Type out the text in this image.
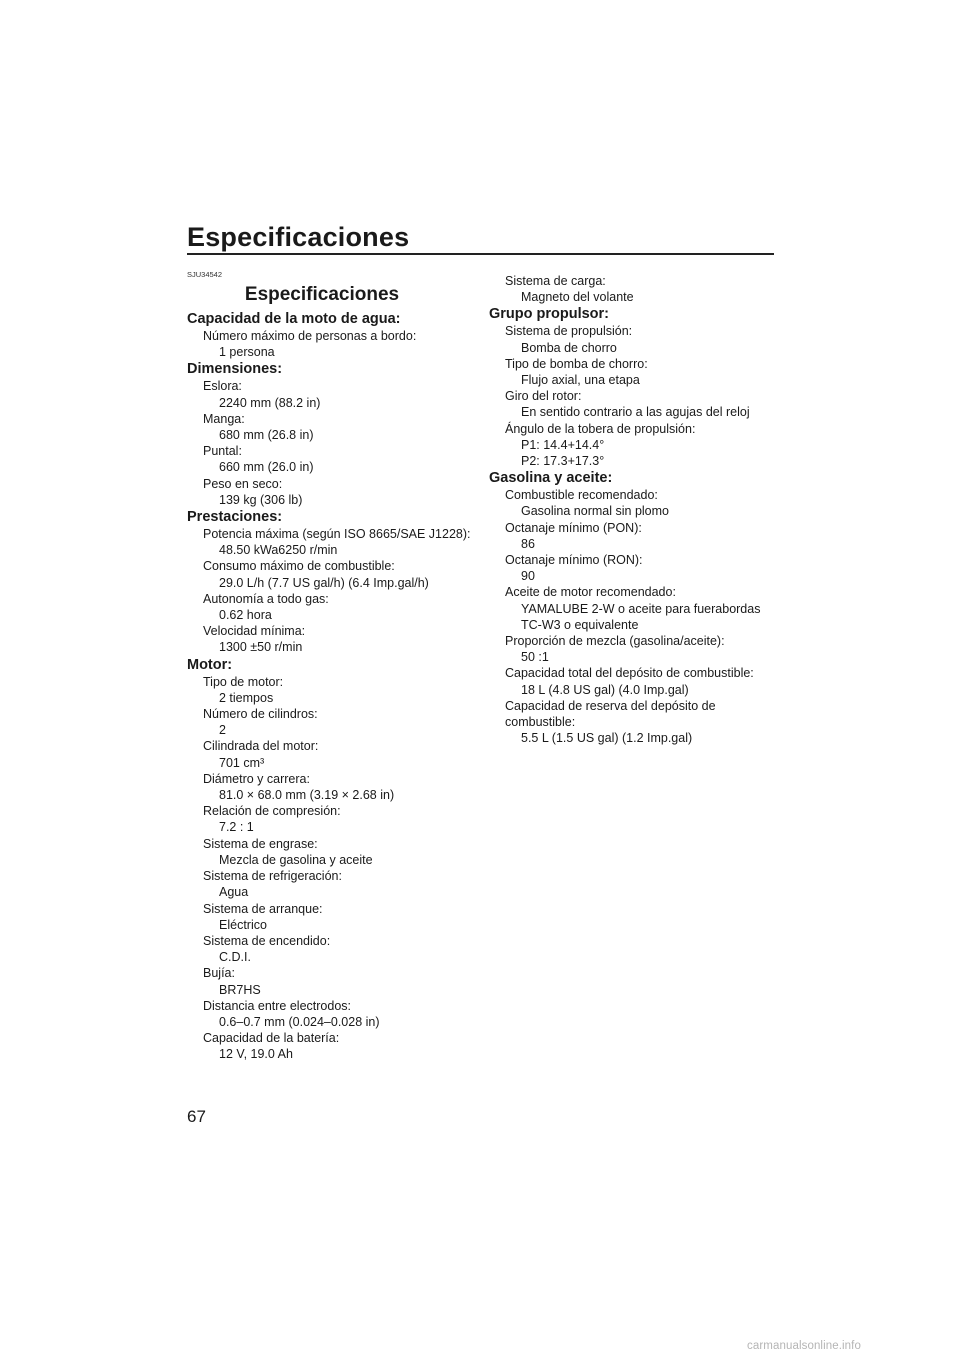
Especificaciones
SJU34542
Especificaciones
Capacidad de la moto de agua:
Número máximo de personas a bordo:
1 persona
Dimensiones:
Eslora:
2240 mm (88.2 in)
Manga:
680 mm (26.8 in)
Puntal:
660 mm (26.0 in)
Peso en seco:
139 kg (306 lb)
Prestaciones:
Potencia máxima (según ISO 8665/SAE J1228):
48.50 kWa6250 r/min
Consumo máximo de combustible:
29.0 L/h (7.7 US gal/h) (6.4 Imp.gal/h)
Autonomía a todo gas:
0.62 hora
Velocidad mínima:
1300 ±50 r/min
Motor:
Tipo de motor:
2 tiempos
Número de cilindros:
2
Cilindrada del motor:
701 cm³
Diámetro y carrera:
81.0 × 68.0 mm (3.19 × 2.68 in)
Relación de compresión:
7.2 : 1
Sistema de engrase:
Mezcla de gasolina y aceite
Sistema de refrigeración:
Agua
Sistema de arranque:
Eléctrico
Sistema de encendido:
C.D.I.
Bujía:
BR7HS
Distancia entre electrodos:
0.6–0.7 mm (0.024–0.028 in)
Capacidad de la batería:
12 V, 19.0 Ah
Sistema de carga:
Magneto del volante
Grupo propulsor:
Sistema de propulsión:
Bomba de chorro
Tipo de bomba de chorro:
Flujo axial, una etapa
Giro del rotor:
En sentido contrario a las agujas del reloj
Ángulo de la tobera de propulsión:
P1: 14.4+14.4°
P2: 17.3+17.3°
Gasolina y aceite:
Combustible recomendado:
Gasolina normal sin plomo
Octanaje mínimo (PON):
86
Octanaje mínimo (RON):
90
Aceite de motor recomendado:
YAMALUBE 2-W o aceite para fuerabordas
TC-W3 o equivalente
Proporción de mezcla (gasolina/aceite):
50 :1
Capacidad total del depósito de combustible:
18 L (4.8 US gal) (4.0 Imp.gal)
Capacidad de reserva del depósito de combustible:
5.5 L (1.5 US gal) (1.2 Imp.gal)
67
carmanualsonline.info
